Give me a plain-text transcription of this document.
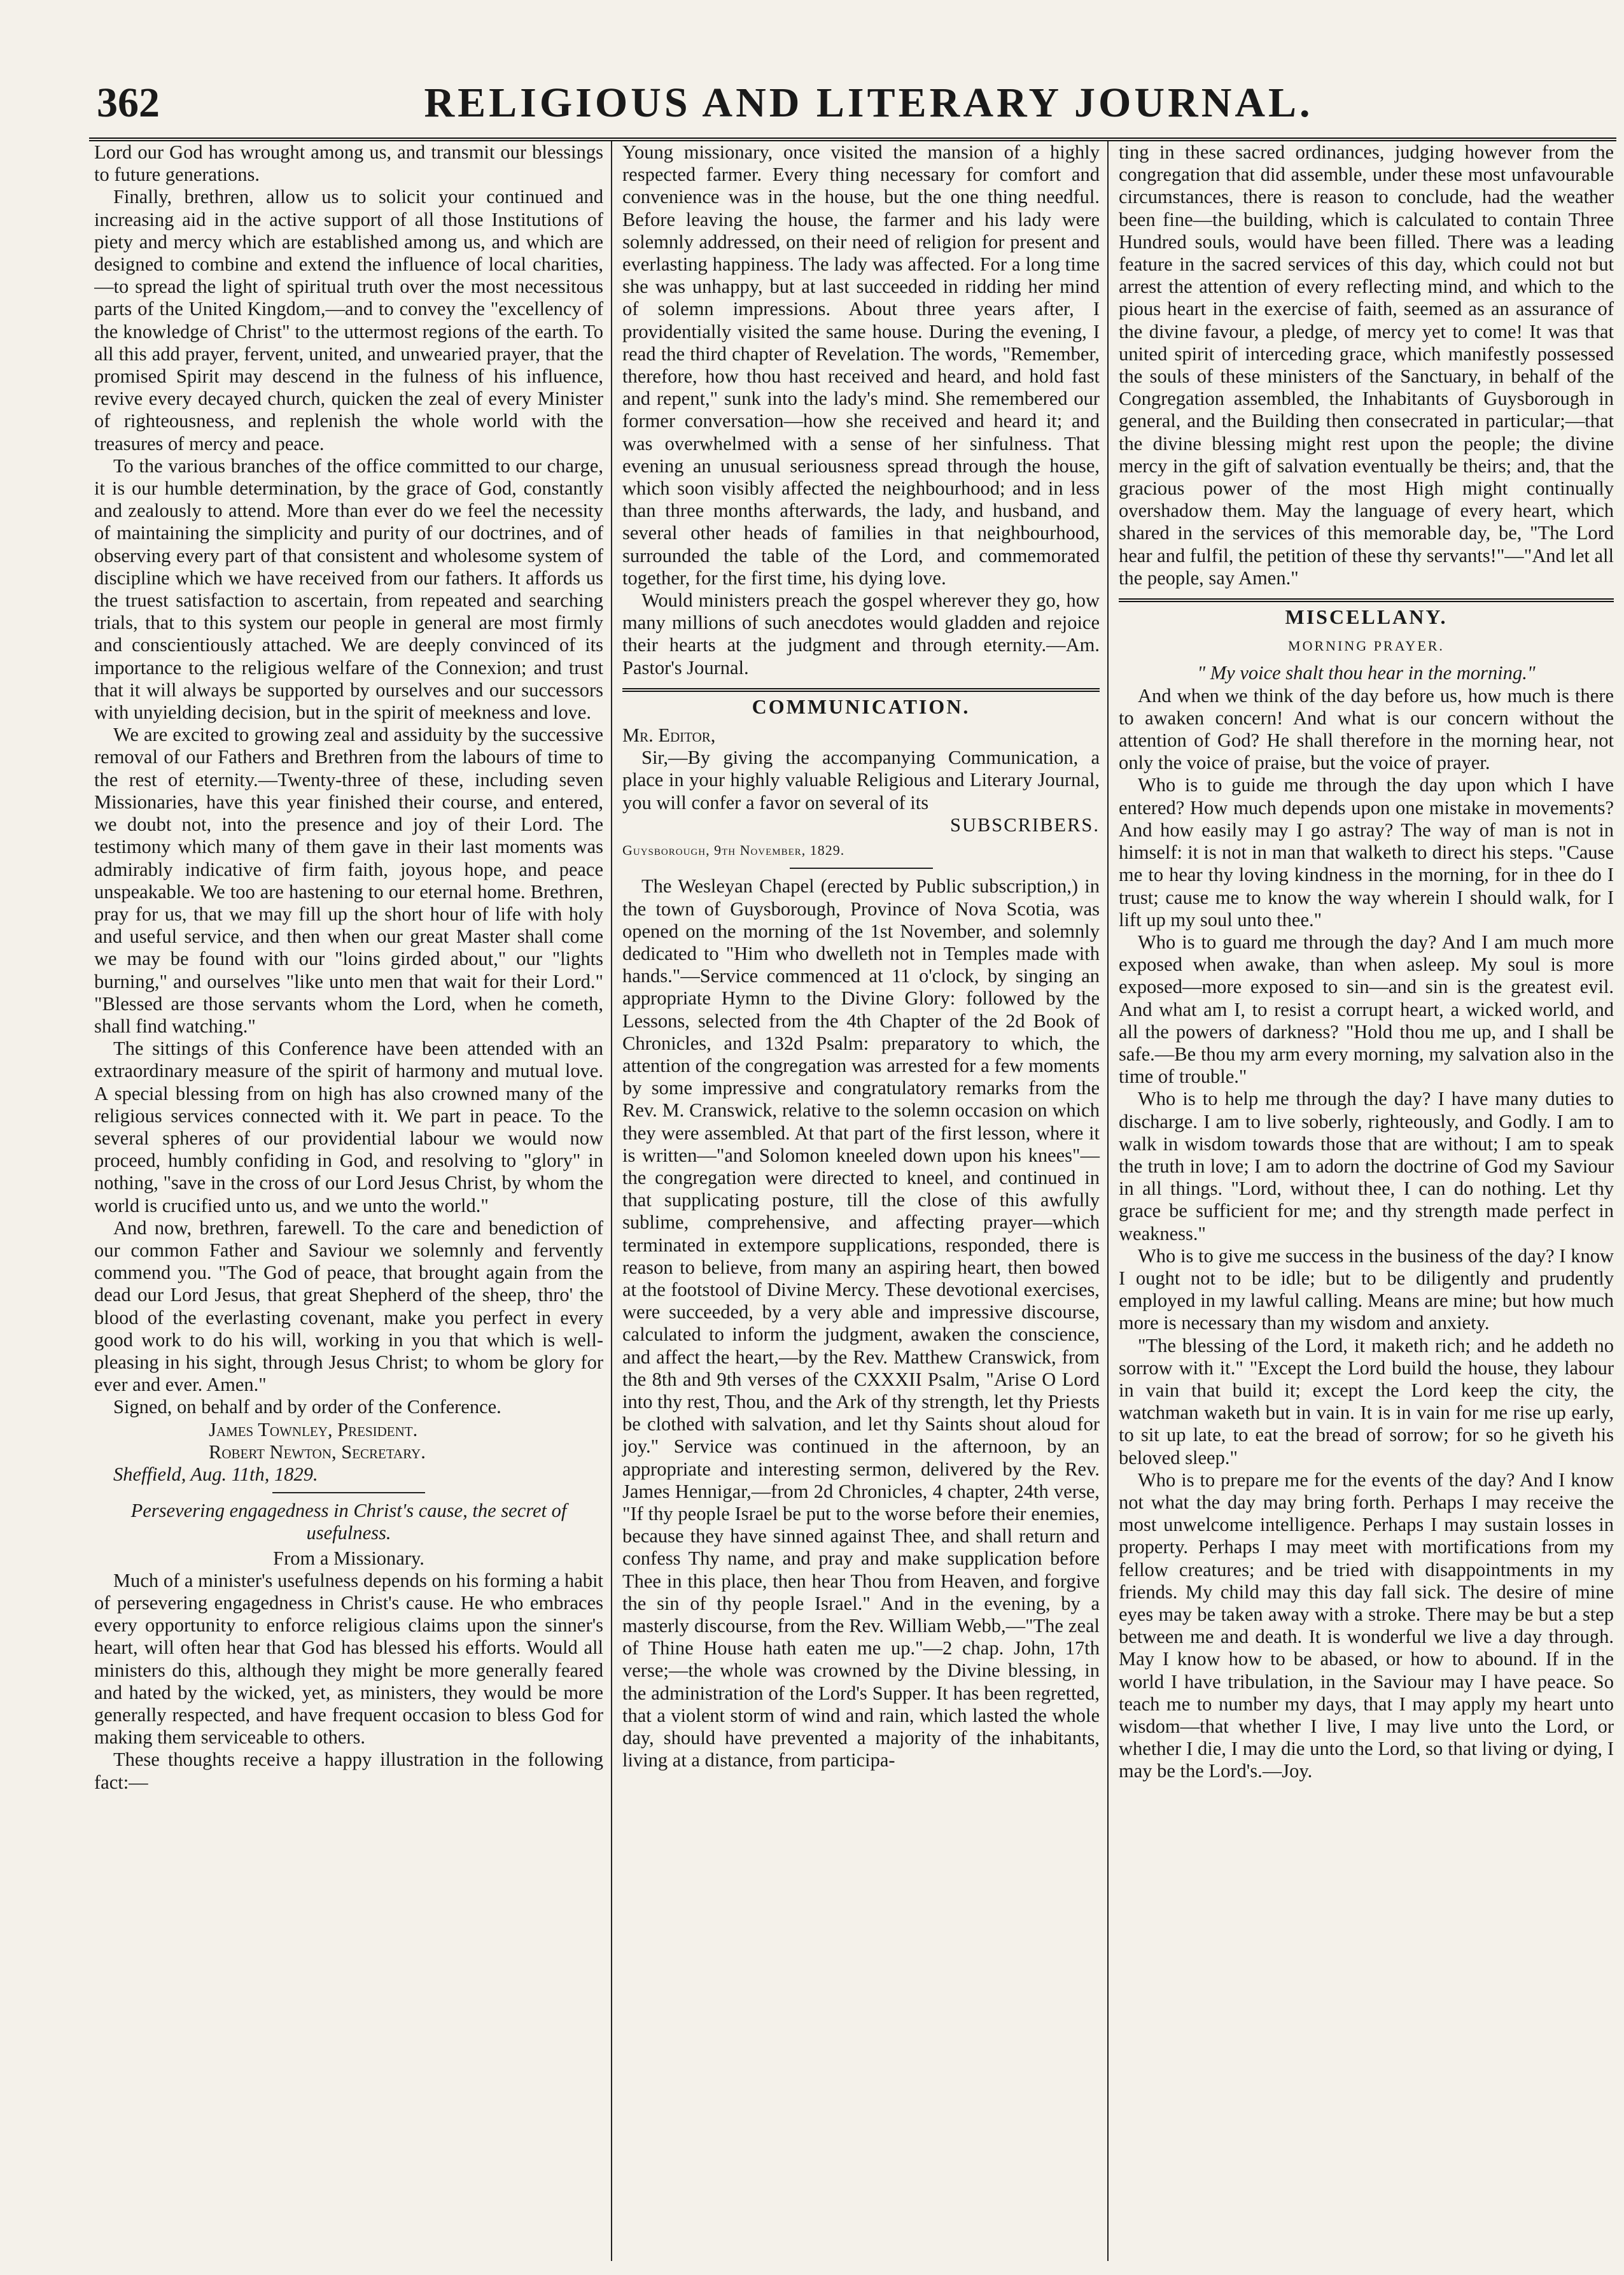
362	RELIGIOUS AND LITERARY JOURNAL.

Lord our God has wrought among us, and transmit our blessings to future generations.

Finally, brethren, allow us to solicit your continued and increasing aid in the active support of all those Institutions of piety and mercy which are established among us, and which are designed to combine and extend the influence of local charities,—to spread the light of spiritual truth over the most necessitous parts of the United Kingdom,—and to convey the "excellency of the knowledge of Christ" to the uttermost regions of the earth. To all this add prayer, fervent, united, and unwearied prayer, that the promised Spirit may descend in the fulness of his influence, revive every decayed church, quicken the zeal of every Minister of righteousness, and replenish the whole world with the treasures of mercy and peace.

To the various branches of the office committed to our charge, it is our humble determination, by the grace of God, constantly and zealously to attend. More than ever do we feel the necessity of maintaining the simplicity and purity of our doctrines, and of observing every part of that consistent and wholesome system of discipline which we have received from our fathers. It affords us the truest satisfaction to ascertain, from repeated and searching trials, that to this system our people in general are most firmly and conscientiously attached. We are deeply convinced of its importance to the religious welfare of the Connexion; and trust that it will always be supported by ourselves and our successors with unyielding decision, but in the spirit of meekness and love.

We are excited to growing zeal and assiduity by the successive removal of our Fathers and Brethren from the labours of time to the rest of eternity.—Twenty-three of these, including seven Missionaries, have this year finished their course, and entered, we doubt not, into the presence and joy of their Lord. The testimony which many of them gave in their last moments was admirably indicative of firm faith, joyous hope, and peace unspeakable. We too are hastening to our eternal home. Brethren, pray for us, that we may fill up the short hour of life with holy and useful service, and then when our great Master shall come we may be found with our "loins girded about," our "lights burning," and ourselves "like unto men that wait for their Lord." "Blessed are those servants whom the Lord, when he cometh, shall find watching."

The sittings of this Conference have been attended with an extraordinary measure of the spirit of harmony and mutual love. A special blessing from on high has also crowned many of the religious services connected with it. We part in peace. To the several spheres of our providential labour we would now proceed, humbly confiding in God, and resolving to "glory" in nothing, "save in the cross of our Lord Jesus Christ, by whom the world is crucified unto us, and we unto the world."

And now, brethren, farewell. To the care and benediction of our common Father and Saviour we solemnly and fervently commend you. "The God of peace, that brought again from the dead our Lord Jesus, that great Shepherd of the sheep, thro' the blood of the everlasting covenant, make you perfect in every good work to do his will, working in you that which is well-pleasing in his sight, through Jesus Christ; to whom be glory for ever and ever. Amen."

Signed, on behalf and by order of the Conference.

James Townley, President.

Robert Newton, Secretary.

Sheffield, Aug. 11th, 1829.

Persevering engagedness in Christ's cause, the secret of usefulness.

From a Missionary.

Much of a minister's usefulness depends on his forming a habit of persevering engagedness in Christ's cause. He who embraces every opportunity to enforce religious claims upon the sinner's heart, will often hear that God has blessed his efforts. Would all ministers do this, although they might be more generally feared and hated by the wicked, yet, as ministers, they would be more generally respected, and have frequent occasion to bless God for making them serviceable to others.

These thoughts receive a happy illustration in the following fact:—

Young missionary, once visited the mansion of a highly respected farmer. Every thing necessary for comfort and convenience was in the house, but the one thing needful. Before leaving the house, the farmer and his lady were solemnly addressed, on their need of religion for present and everlasting happiness. The lady was affected. For a long time she was unhappy, but at last succeeded in ridding her mind of solemn impressions. About three years after, I providentially visited the same house. During the evening, I read the third chapter of Revelation. The words, "Remember, therefore, how thou hast received and heard, and hold fast and repent," sunk into the lady's mind. She remembered our former conversation—how she received and heard it; and was overwhelmed with a sense of her sinfulness. That evening an unusual seriousness spread through the house, which soon visibly affected the neighbourhood; and in less than three months afterwards, the lady, and husband, and several other heads of families in that neighbourhood, surrounded the table of the Lord, and commemorated together, for the first time, his dying love.

Would ministers preach the gospel wherever they go, how many millions of such anecdotes would gladden and rejoice their hearts at the judgment and through eternity.—Am. Pastor's Journal.

COMMUNICATION.

Mr. Editor,

Sir,—By giving the accompanying Communication, a place in your highly valuable Religious and Literary Journal, you will confer a favor on several of its

SUBSCRIBERS.

Guysborough, 9th November, 1829.

The Wesleyan Chapel (erected by Public subscription,) in the town of Guysborough, Province of Nova Scotia, was opened on the morning of the 1st November, and solemnly dedicated to "Him who dwelleth not in Temples made with hands."—Service commenced at 11 o'clock, by singing an appropriate Hymn to the Divine Glory: followed by the Lessons, selected from the 4th Chapter of the 2d Book of Chronicles, and 132d Psalm: preparatory to which, the attention of the congregation was arrested for a few moments by some impressive and congratulatory remarks from the Rev. M. Cranswick, relative to the solemn occasion on which they were assembled. At that part of the first lesson, where it is written—"and Solomon kneeled down upon his knees"—the congregation were directed to kneel, and continued in that supplicating posture, till the close of this awfully sublime, comprehensive, and affecting prayer—which terminated in extempore supplications, responded, there is reason to believe, from many an aspiring heart, then bowed at the footstool of Divine Mercy. These devotional exercises, were succeeded, by a very able and impressive discourse, calculated to inform the judgment, awaken the conscience, and affect the heart,—by the Rev. Matthew Cranswick, from the 8th and 9th verses of the CXXXII Psalm, "Arise O Lord into thy rest, Thou, and the Ark of thy strength, let thy Priests be clothed with salvation, and let thy Saints shout aloud for joy." Service was continued in the afternoon, by an appropriate and interesting sermon, delivered by the Rev. James Hennigar,—from 2d Chronicles, 4 chapter, 24th verse, "If thy people Israel be put to the worse before their enemies, because they have sinned against Thee, and shall return and confess Thy name, and pray and make supplication before Thee in this place, then hear Thou from Heaven, and forgive the sin of thy people Israel." And in the evening, by a masterly discourse, from the Rev. William Webb,—"The zeal of Thine House hath eaten me up."—2 chap. John, 17th verse;—the whole was crowned by the Divine blessing, in the administration of the Lord's Supper. It has been regretted, that a violent storm of wind and rain, which lasted the whole day, should have prevented a majority of the inhabitants, living at a distance, from participa-

ting in these sacred ordinances, judging however from the congregation that did assemble, under these most unfavourable circumstances, there is reason to conclude, had the weather been fine—the building, which is calculated to contain Three Hundred souls, would have been filled. There was a leading feature in the sacred services of this day, which could not but arrest the attention of every reflecting mind, and which to the pious heart in the exercise of faith, seemed as an assurance of the divine favour, a pledge, of mercy yet to come! It was that united spirit of interceding grace, which manifestly possessed the souls of these ministers of the Sanctuary, in behalf of the Congregation assembled, the Inhabitants of Guysborough in general, and the Building then consecrated in particular;—that the divine blessing might rest upon the people; the divine mercy in the gift of salvation eventually be theirs; and, that the gracious power of the most High might continually overshadow them. May the language of every heart, which shared in the services of this memorable day, be, "The Lord hear and fulfil, the petition of these thy servants!"—"And let all the people, say Amen."

MISCELLANY.
MORNING PRAYER.

" My voice shalt thou hear in the morning."

And when we think of the day before us, how much is there to awaken concern! And what is our concern without the attention of God? He shall therefore in the morning hear, not only the voice of praise, but the voice of prayer.

Who is to guide me through the day upon which I have entered? How much depends upon one mistake in movements? And how easily may I go astray? The way of man is not in himself: it is not in man that walketh to direct his steps. "Cause me to hear thy loving kindness in the morning, for in thee do I trust; cause me to know the way wherein I should walk, for I lift up my soul unto thee."

Who is to guard me through the day? And I am much more exposed when awake, than when asleep. My soul is more exposed—more exposed to sin—and sin is the greatest evil. And what am I, to resist a corrupt heart, a wicked world, and all the powers of darkness? "Hold thou me up, and I shall be safe.—Be thou my arm every morning, my salvation also in the time of trouble."

Who is to help me through the day? I have many duties to discharge. I am to live soberly, righteously, and Godly. I am to walk in wisdom towards those that are without; I am to speak the truth in love; I am to adorn the doctrine of God my Saviour in all things. "Lord, without thee, I can do nothing. Let thy grace be sufficient for me; and thy strength made perfect in weakness."

Who is to give me success in the business of the day? I know I ought not to be idle; but to be diligently and prudently employed in my lawful calling. Means are mine; but how much more is necessary than my wisdom and anxiety.

"The blessing of the Lord, it maketh rich; and he addeth no sorrow with it." "Except the Lord build the house, they labour in vain that build it; except the Lord keep the city, the watchman waketh but in vain. It is in vain for me rise up early, to sit up late, to eat the bread of sorrow; for so he giveth his beloved sleep."

Who is to prepare me for the events of the day? And I know not what the day may bring forth. Perhaps I may receive the most unwelcome intelligence. Perhaps I may sustain losses in property. Perhaps I may meet with mortifications from my fellow creatures; and be tried with disappointments in my friends. My child may this day fall sick. The desire of mine eyes may be taken away with a stroke. There may be but a step between me and death. It is wonderful we live a day through. May I know how to be abased, or how to abound. If in the world I have tribulation, in the Saviour may I have peace. So teach me to number my days, that I may apply my heart unto wisdom—that whether I live, I may live unto the Lord, or whether I die, I may die unto the Lord, so that living or dying, I may be the Lord's.—Joy.
